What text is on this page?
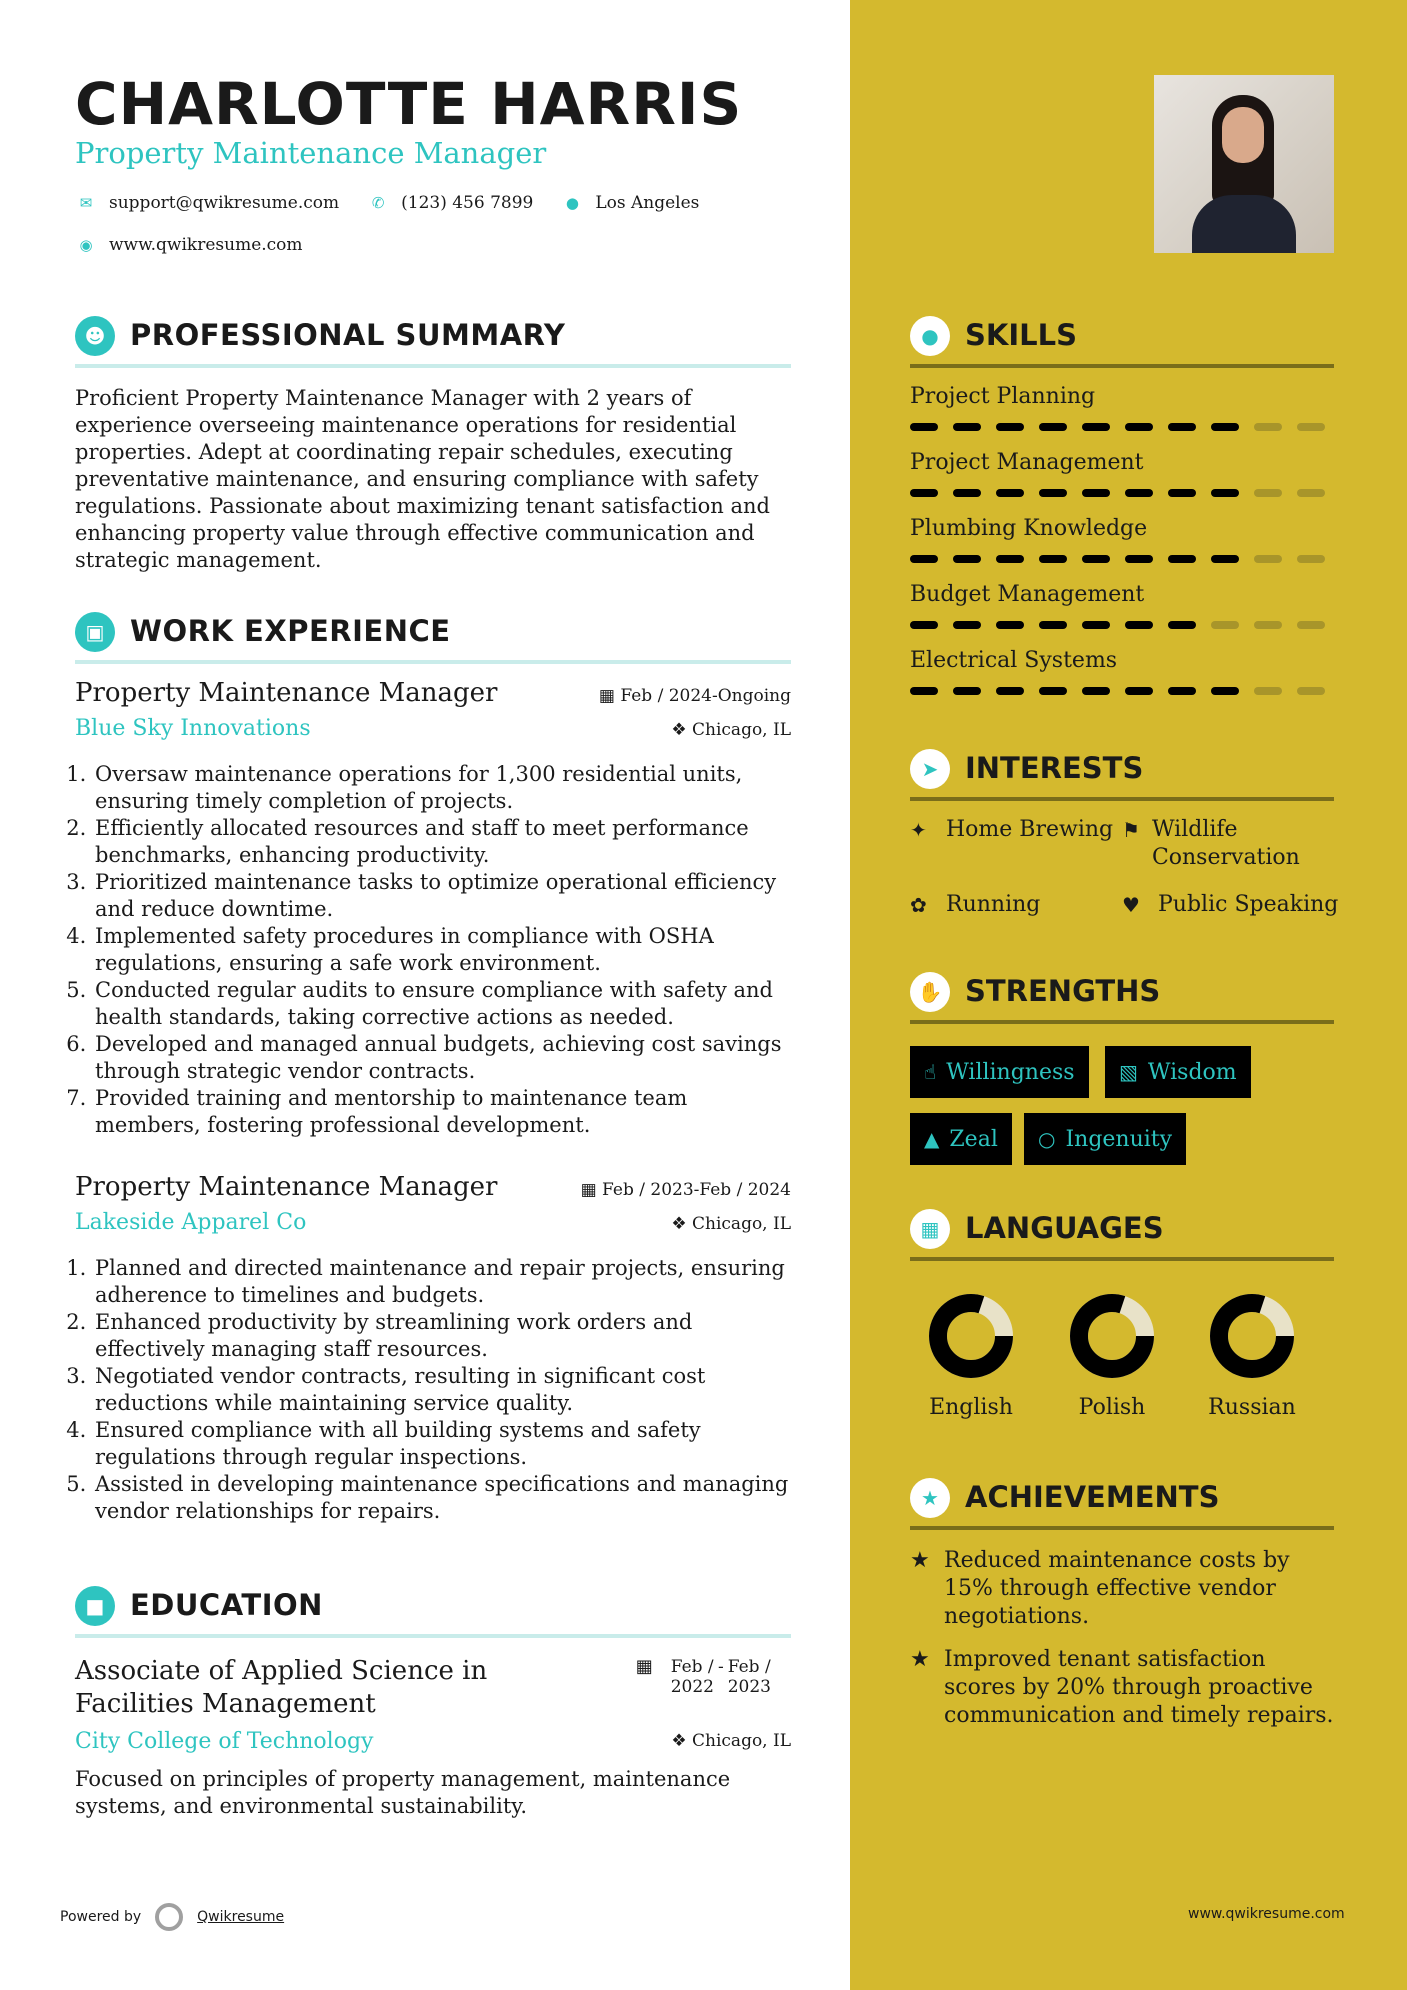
CHARLOTTE HARRIS
Property Maintenance Manager
✉ support@qwikresume.com	✆ (123) 456 7899 ● Los Angeles
◉ www.qwikresume.com
☻ PROFESSIONAL SUMMARY
Proficient Property Maintenance Manager with 2 years of experience overseeing maintenance operations for residential properties. Adept at coordinating repair schedules, executing preventative maintenance, and ensuring compliance with safety regulations. Passionate about maximizing tenant satisfaction and enhancing property value through effective communication and strategic management.
▣ WORK EXPERIENCE
Property Maintenance Manager	▦ Feb / 2024-Ongoing
❖ Chicago, IL
Blue Sky Innovations
1. Oversaw maintenance operations for 1,300 residential units, ensuring timely completion of projects.
2. Efficiently allocated resources and staff to meet performance benchmarks, enhancing productivity.
3. Prioritized maintenance tasks to optimize operational efficiency and reduce downtime.
4. Implemented safety procedures in compliance with OSHA regulations, ensuring a safe work environment.
5. Conducted regular audits to ensure compliance with safety and health standards, taking corrective actions as needed.
6. Developed and managed annual budgets, achieving cost savings through strategic vendor contracts.
7. Provided training and mentorship to maintenance team members, fostering professional development.
Property Maintenance Manager	▦ Feb / 2023-Feb / 2024
❖ Chicago, IL
Lakeside Apparel Co
1. Planned and directed maintenance and repair projects, ensuring adherence to timelines and budgets.
2. Enhanced productivity by streamlining work orders and effectively managing staff resources.
3. Negotiated vendor contracts, resulting in significant cost reductions while maintaining service quality.
4. Ensured compliance with all building systems and safety regulations through regular inspections.
5. Assisted in developing maintenance specifications and managing vendor relationships for repairs.
■ EDUCATION
Associate of Applied Science in Facilities Management
▦ Feb /
2022
- Feb /
2023
❖ Chicago, IL
City College of Technology
Focused on principles of property management, maintenance systems, and environmental sustainability.
Powered by	Qwikresume
● SKILLS
Project Planning
Project Management
Plumbing Knowledge
Budget Management
Electrical Systems
➤ INTERESTS
✦ Home Brewing ⚑ Wildlife Conservation
✿ Running	♥ Public Speaking
✋ STRENGTHS
☝ Willingness ▧ Wisdom
▲ Zeal ○ Ingenuity
▦ LANGUAGES
English	Polish	Russian
★ ACHIEVEMENTS
★ Reduced maintenance costs by 15% through effective vendor negotiations.
★ Improved tenant satisfaction scores by 20% through proactive communication and timely repairs.
www.qwikresume.com
